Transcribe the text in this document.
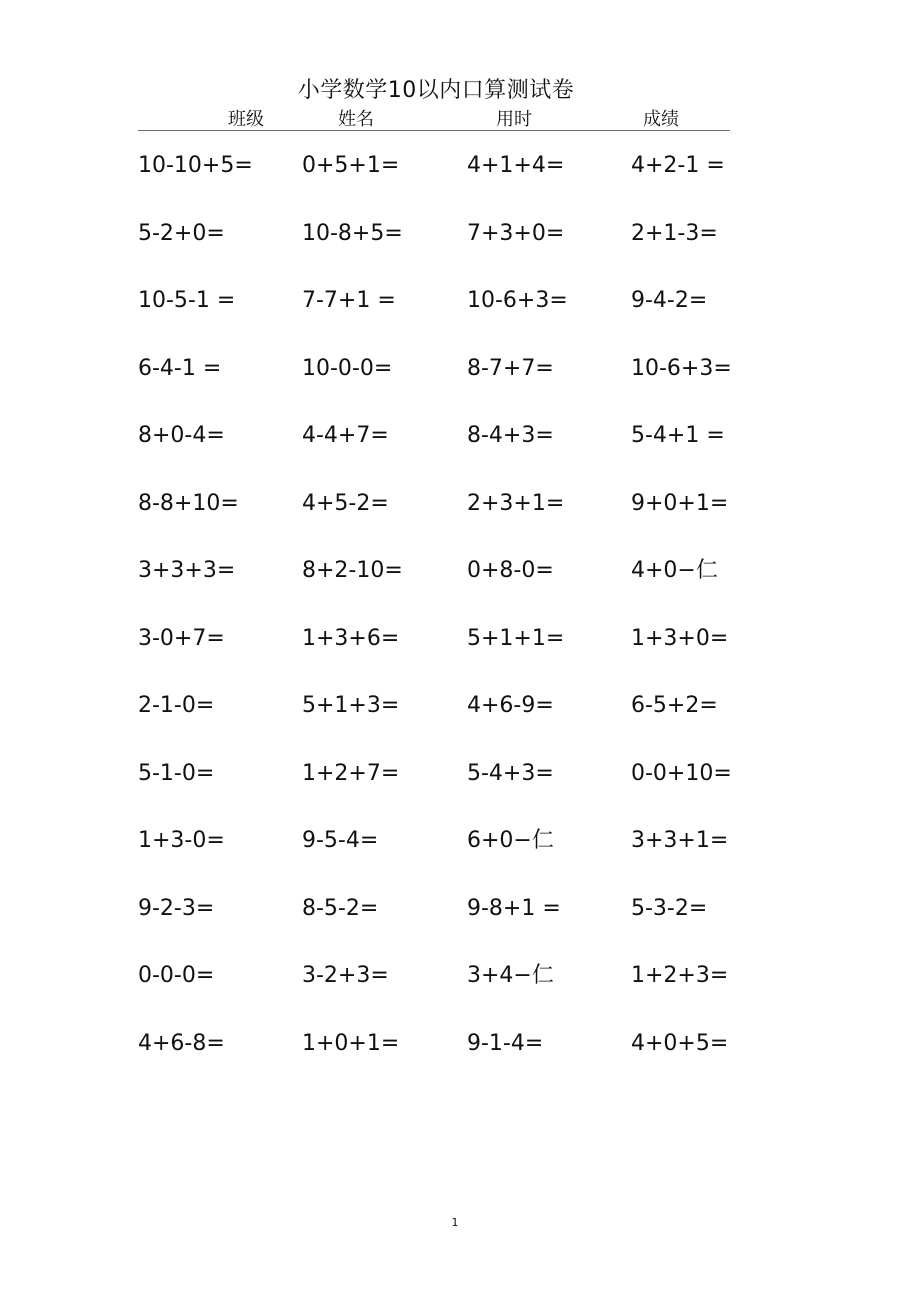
小学数学10以内口算测试卷
班级	姓名	用时	成绩
10-10+5= 0+5+1=	4+1+4=	4+2-1 =
5-2+0=	10-8+5=	7+3+0=	2+1-3=
10-5-1 =	7-7+1 =	10-6+3=	9-4-2=
6-4-1 =	10-0-0=	8-7+7=	10-6+3=
8+0-4=	4-4+7=	8-4+3=	5-4+1 =
8-8+10=	4+5-2=	2+3+1=	9+0+1=
3+3+3=	8+2-10=	0+8-0=	4+0−仁
3-0+7=	1+3+6=	5+1+1=	1+3+0=
2-1-0=	5+1+3=	4+6-9=	6-5+2=
5-1-0=	1+2+7=	5-4+3=	0-0+10=
1+3-0=	9-5-4=	6+0−仁	3+3+1=
9-2-3=	8-5-2=	9-8+1 =	5-3-2=
0-0-0=	3-2+3=	3+4−仁	1+2+3=
4+6-8=	1+0+1=	9-1-4=	4+0+5=
1
